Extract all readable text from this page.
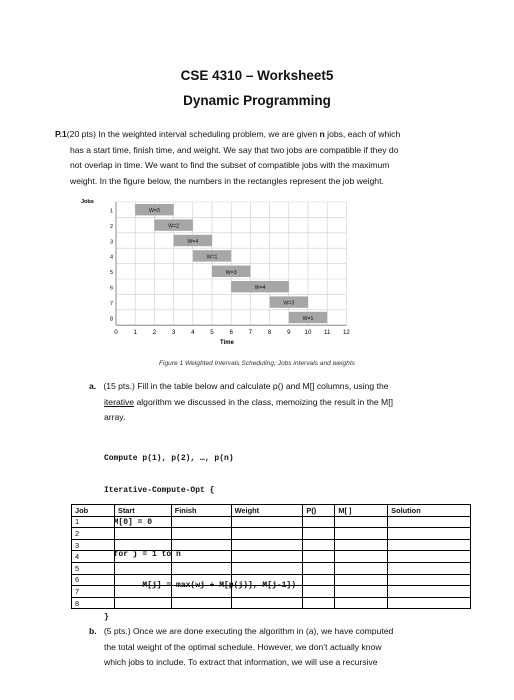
CSE 4310 – Worksheet5
Dynamic Programming
P.1(20 pts) In the weighted interval scheduling problem, we are given n jobs, each of which
has a start time, finish time, and weight. We say that two jobs are compatible if they do
not overlap in time. We want to find the subset of compatible jobs with the maximum
weight. In the figure below, the numbers in the rectangles represent the job weight.
Jobs
W=3
W=2
W=4
W=1
W=3
W=4
W=3
W=1
1
2
3
4
5
6
7
8
0	1	2	3	4	5	6	7	8	9 10 11 12
Time
Figure 1 Weighted Intervals Scheduling; Jobs intervals and weights
a. (15 pts.) Fill in the table below and calculate p() and M[] columns, using the
iterative algorithm we discussed in the class, memoizing the result in the M[]
array.

Compute p(1), p(2), …, p(n)

Iterative-Compute-Opt {

M[0] = 0

for j = 1 to n

M[j] = max(wj + M[p(j)], M[j-1])

}

Job	Start	Finish	Weight	P()	M[ ]	Solution
1						
2						
3						
4						
5						
6						
7						
8						
b. (5 pts.) Once we are done executing the algorithm in (a), we have computed
the total weight of the optimal schedule. However, we don’t actually know
which jobs to include. To extract that information, we will use a recursive
